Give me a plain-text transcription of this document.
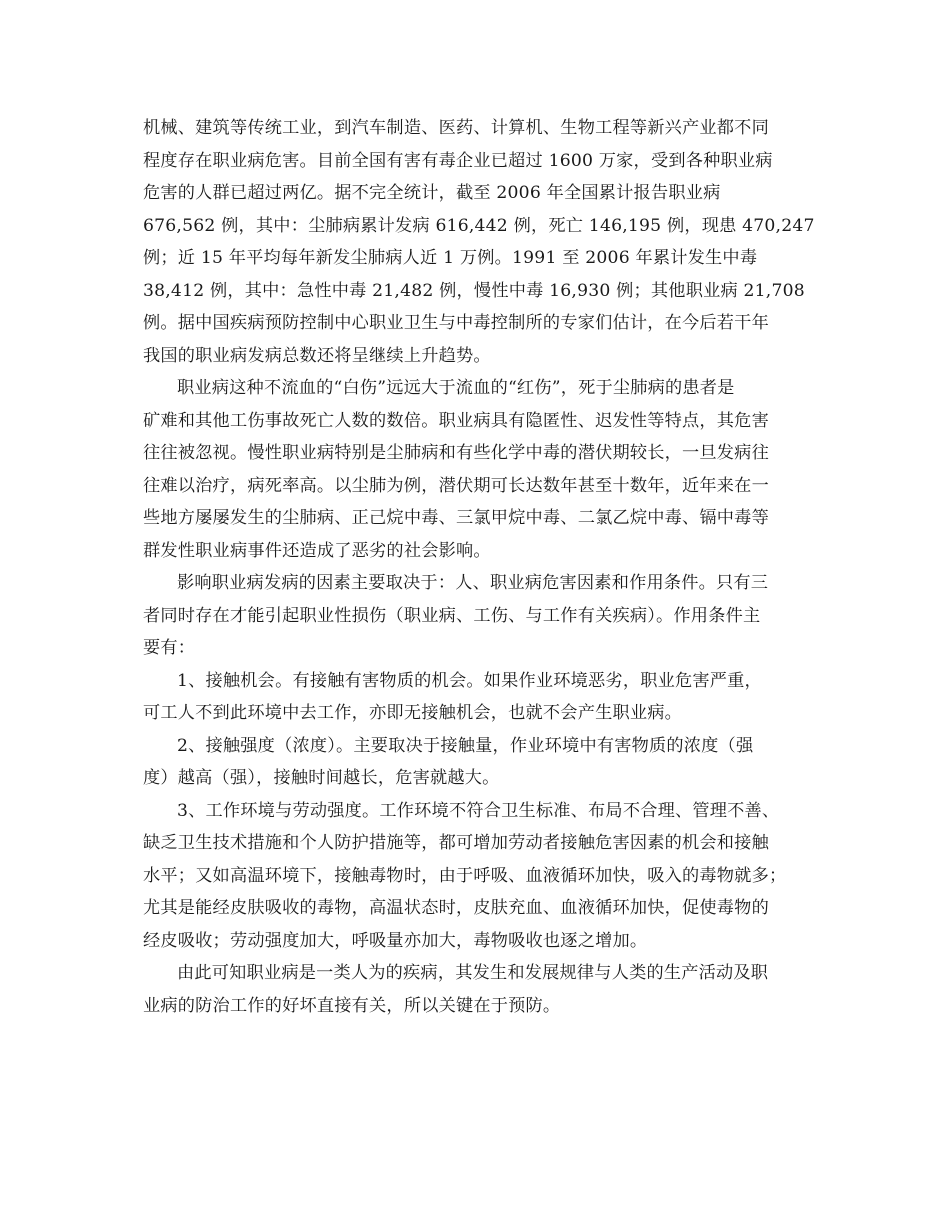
机械、建筑等传统工业，到汽车制造、医药、计算机、生物工程等新兴产业都不同
程度存在职业病危害。目前全国有害有毒企业已超过 1600 万家，受到各种职业病
危害的人群已超过两亿。据不完全统计，截至 2006 年全国累计报告职业病
676,562 例，其中：尘肺病累计发病 616,442 例，死亡 146,195 例，现患 470,247
例；近 15 年平均每年新发尘肺病人近 1 万例。1991 至 2006 年累计发生中毒
38,412 例，其中：急性中毒 21,482 例，慢性中毒 16,930 例；其他职业病 21,708
例。据中国疾病预防控制中心职业卫生与中毒控制所的专家们估计，在今后若干年
我国的职业病发病总数还将呈继续上升趋势。
职业病这种不流血的“白伤”远远大于流血的“红伤”，死于尘肺病的患者是
矿难和其他工伤事故死亡人数的数倍。职业病具有隐匿性、迟发性等特点，其危害
往往被忽视。慢性职业病特别是尘肺病和有些化学中毒的潜伏期较长，一旦发病往
往难以治疗，病死率高。以尘肺为例，潜伏期可长达数年甚至十数年，近年来在一
些地方屡屡发生的尘肺病、正己烷中毒、三氯甲烷中毒、二氯乙烷中毒、镉中毒等
群发性职业病事件还造成了恶劣的社会影响。
影响职业病发病的因素主要取决于：人、职业病危害因素和作用条件。只有三
者同时存在才能引起职业性损伤（职业病、工伤、与工作有关疾病）。作用条件主
要有：
1、接触机会。有接触有害物质的机会。如果作业环境恶劣，职业危害严重，
可工人不到此环境中去工作，亦即无接触机会，也就不会产生职业病。
2、接触强度（浓度）。主要取决于接触量，作业环境中有害物质的浓度（强
度）越高（强），接触时间越长，危害就越大。
3、工作环境与劳动强度。工作环境不符合卫生标准、布局不合理、管理不善、
缺乏卫生技术措施和个人防护措施等，都可增加劳动者接触危害因素的机会和接触
水平；又如高温环境下，接触毒物时，由于呼吸、血液循环加快，吸入的毒物就多；
尤其是能经皮肤吸收的毒物，高温状态时，皮肤充血、血液循环加快，促使毒物的
经皮吸收；劳动强度加大，呼吸量亦加大，毒物吸收也逐之增加。
由此可知职业病是一类人为的疾病，其发生和发展规律与人类的生产活动及职
业病的防治工作的好坏直接有关，所以关键在于预防。
